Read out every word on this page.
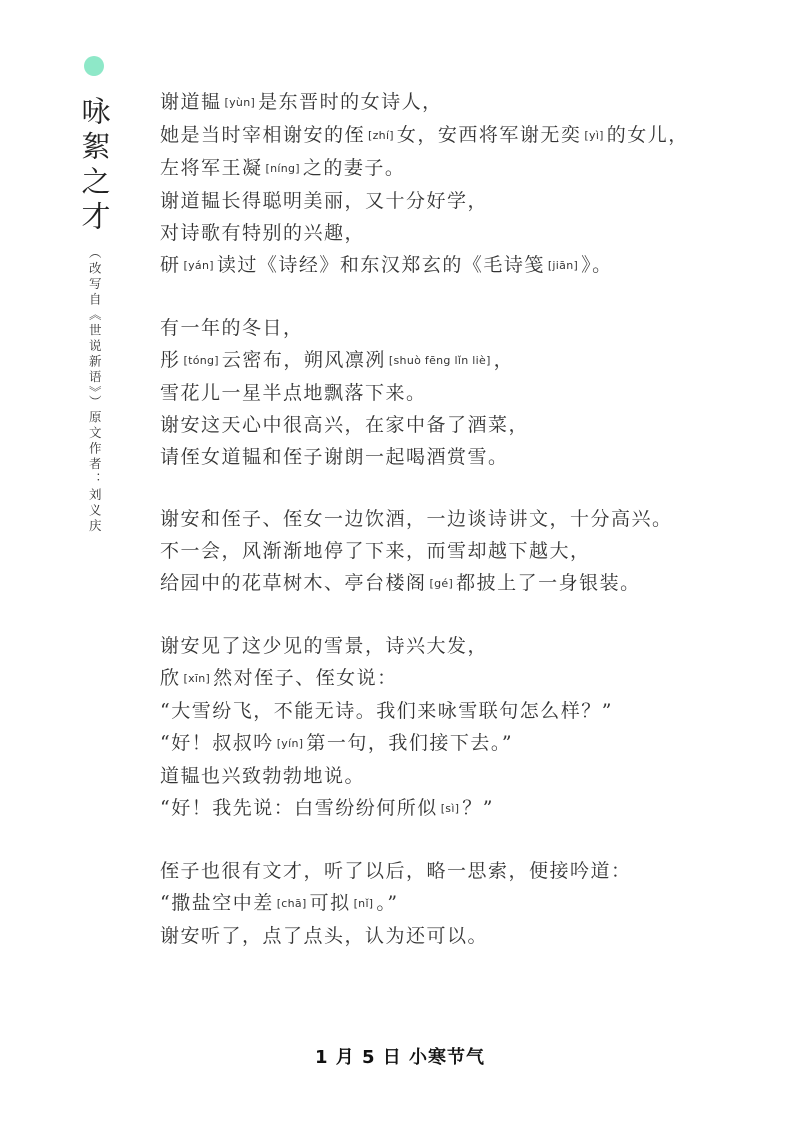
咏絮之才
（改写自《世说新语》）原文作者：刘义庆
谢道韫 [yùn] 是东晋时的女诗人，
她是当时宰相谢安的侄 [zhí] 女，安西将军谢无奕 [yì] 的女儿，
左将军王凝 [níng] 之的妻子。
谢道韫长得聪明美丽，又十分好学，
对诗歌有特别的兴趣，
研 [yán] 读过《诗经》和东汉郑玄的《毛诗笺 [jiān] 》。
有一年的冬日，
彤 [tóng] 云密布，朔风凛冽 [shuò fēng lǐn liè] ，
雪花儿一星半点地飘落下来。
谢安这天心中很高兴，在家中备了酒菜，
请侄女道韫和侄子谢朗一起喝酒赏雪。
谢安和侄子、侄女一边饮酒，一边谈诗讲文，十分高兴。
不一会，风渐渐地停了下来，而雪却越下越大，
给园中的花草树木、亭台楼阁 [gé] 都披上了一身银装。
谢安见了这少见的雪景，诗兴大发，
欣 [xīn] 然对侄子、侄女说：
“大雪纷飞，不能无诗。我们来咏雪联句怎么样？”
“好！叔叔吟 [yín] 第一句，我们接下去。”
道韫也兴致勃勃地说。
“好！我先说：白雪纷纷何所似 [sì] ？”
侄子也很有文才，听了以后，略一思索，便接吟道：
“撒盐空中差 [chā] 可拟 [nǐ] 。”
谢安听了，点了点头，认为还可以。
1 月 5 日 小寒节气
